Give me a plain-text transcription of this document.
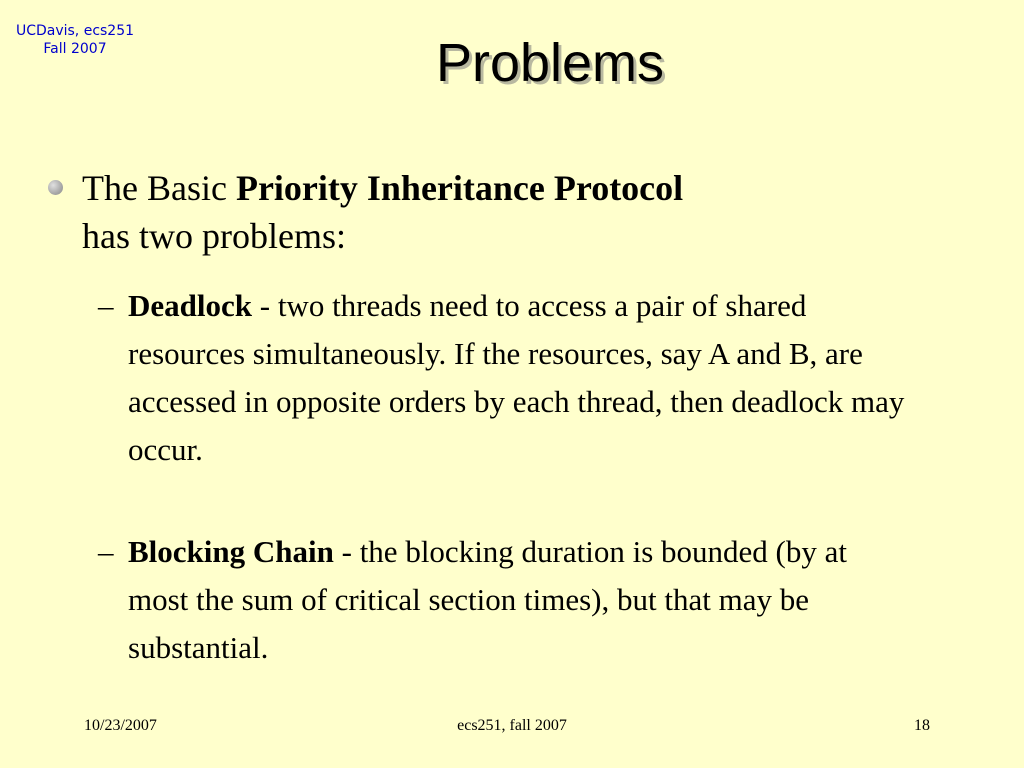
UCDavis, ecs251
Fall 2007	Problems
The Basic Priority Inheritance Protocol
has two problems:
– Deadlock - two threads need to access a pair of shared resources simultaneously. If the resources, say A and B, are accessed in opposite orders by each thread, then deadlock may occur.
– Blocking Chain - the blocking duration is bounded (by at most the sum of critical section times), but that may be substantial.
10/23/2007	ecs251, fall 2007	18
